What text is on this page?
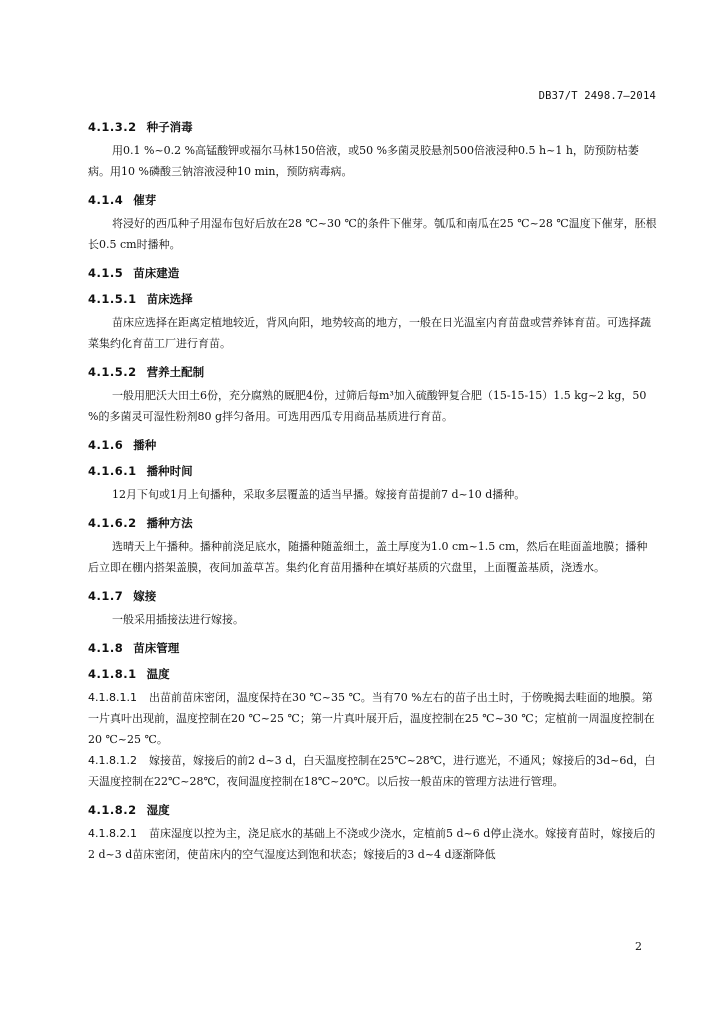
DB37/T 2498.7—2014
4.1.3.2 种子消毒

用0.1 %~0.2 %高锰酸钾或福尔马林150倍液，或50 %多菌灵胶悬剂500倍液浸种0.5 h~1 h，防预防枯萎病。用10 %磷酸三钠溶液浸种10 min，预防病毒病。

4.1.4 催芽

将浸好的西瓜种子用湿布包好后放在28 ℃~30 ℃的条件下催芽。瓠瓜和南瓜在25 ℃~28 ℃温度下催芽，胚根长0.5 cm时播种。

4.1.5 苗床建造
4.1.5.1 苗床选择

苗床应选择在距离定植地较近，背风向阳，地势较高的地方，一般在日光温室内育苗盘或营养钵育苗。可选择蔬菜集约化育苗工厂进行育苗。

4.1.5.2 营养土配制

一般用肥沃大田土6份，充分腐熟的厩肥4份，过筛后每m³加入硫酸钾复合肥（15-15-15）1.5 kg~2 kg，50 %的多菌灵可湿性粉剂80 g拌匀备用。可选用西瓜专用商品基质进行育苗。

4.1.6 播种
4.1.6.1 播种时间

12月下旬或1月上旬播种，采取多层覆盖的适当早播。嫁接育苗提前7 d~10 d播种。

4.1.6.2 播种方法

选晴天上午播种。播种前浇足底水，随播种随盖细土，盖土厚度为1.0 cm~1.5 cm，然后在畦面盖地膜；播种后立即在棚内搭架盖膜，夜间加盖草苫。集约化育苗用播种在填好基质的穴盘里，上面覆盖基质，浇透水。

4.1.7 嫁接

一般采用插接法进行嫁接。

4.1.8 苗床管理
4.1.8.1 温度

4.1.8.1.1 出苗前苗床密闭，温度保持在30 ℃~35 ℃。当有70 %左右的苗子出土时，于傍晚揭去畦面的地膜。第一片真叶出现前，温度控制在20 ℃~25 ℃；第一片真叶展开后，温度控制在25 ℃~30 ℃；定植前一周温度控制在20 ℃~25 ℃。

4.1.8.1.2 嫁接苗，嫁接后的前2 d~3 d，白天温度控制在25℃~28℃，进行遮光，不通风；嫁接后的3d~6d，白天温度控制在22℃~28℃，夜间温度控制在18℃~20℃。以后按一般苗床的管理方法进行管理。

4.1.8.2 湿度

4.1.8.2.1 苗床湿度以控为主，浇足底水的基础上不浇或少浇水，定植前5 d~6 d停止浇水。嫁接育苗时，嫁接后的2 d~3 d苗床密闭，使苗床内的空气湿度达到饱和状态；嫁接后的3 d~4 d逐渐降低

2
